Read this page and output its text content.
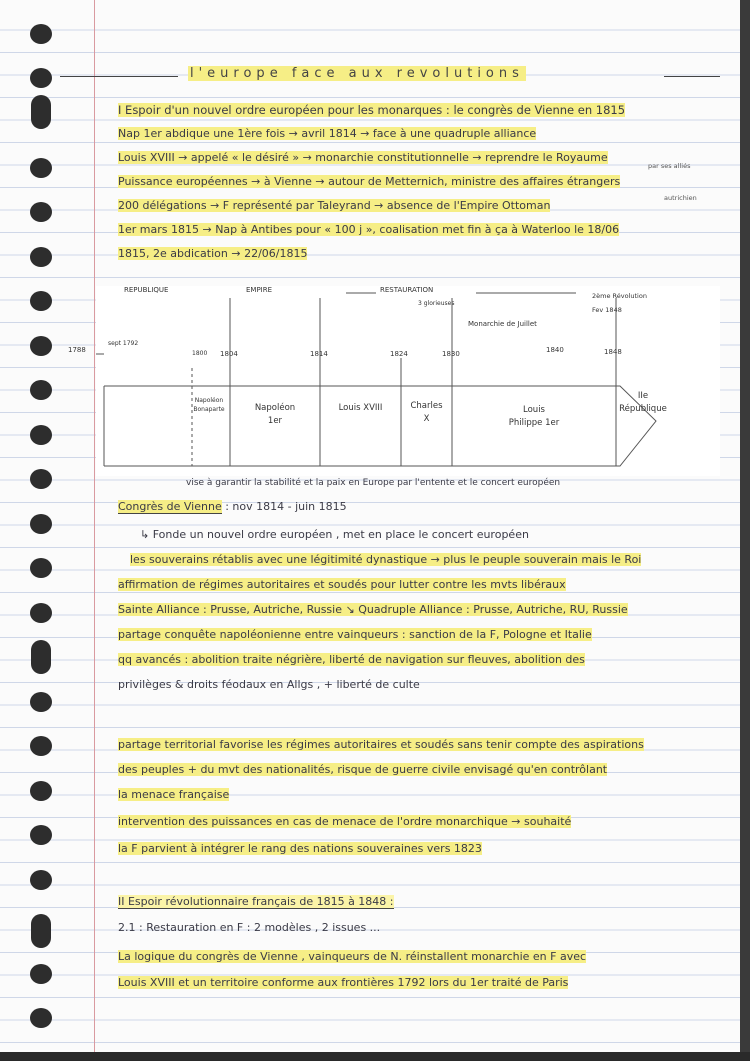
l'europe face aux revolutions
I Espoir d'un nouvel ordre européen pour les monarques : le congrès de Vienne en 1815
Nap 1er abdique une 1ère fois → avril 1814 → face à une quadruple alliance
Louis XVIII → appelé « le désiré » → monarchie constitutionnelle → reprendre le Royaume
par ses alliés
Puissance européennes → à Vienne → autour de Metternich, ministre des affaires étrangers
autrichien
200 délégations → F représenté par Taleyrand → absence de l'Empire Ottoman
1er mars 1815 → Nap à Antibes pour « 100 j », coalisation met fin à ça à Waterloo le 18/06
1815, 2e abdication → 22/06/1815
REPUBLIQUE	EMPIRE	RESTAURATION
3 glorieuses
Monarchie de Juillet
2ème Révolution
Fev 1848
1788
sept 1792
1800 1804	1814	1824	1830	1840	1848
Napoléon Bonaparte	Napoléon
1er
Louis XVIII	Charles
X
Louis
Philippe 1er
IIe
République
vise à garantir la stabilité et la paix en Europe par l'entente et le concert européen
Congrès de Vienne : nov 1814 - juin 1815
↳ Fonde un nouvel ordre européen , met en place le concert européen
les souverains rétablis avec une légitimité dynastique → plus le peuple souverain mais le Roi
affirmation de régimes autoritaires et soudés pour lutter contre les mvts libéraux
Sainte Alliance : Prusse, Autriche, Russie ↘ Quadruple Alliance : Prusse, Autriche, RU, Russie
partage conquête napoléonienne entre vainqueurs : sanction de la F, Pologne et Italie
qq avancés : abolition traite négrière, liberté de navigation sur fleuves, abolition des
privilèges & droits féodaux en Allgs , + liberté de culte
partage territorial favorise les régimes autoritaires et soudés sans tenir compte des aspirations
des peuples + du mvt des nationalités, risque de guerre civile envisagé qu'en contrôlant
la menace française
intervention des puissances en cas de menace de l'ordre monarchique → souhaité
la F parvient à intégrer le rang des nations souveraines vers 1823
II Espoir révolutionnaire français de 1815 à 1848 :
2.1 : Restauration en F : 2 modèles , 2 issues ...
La logique du congrès de Vienne , vainqueurs de N. réinstallent monarchie en F avec
Louis XVIII et un territoire conforme aux frontières 1792 lors du 1er traité de Paris
